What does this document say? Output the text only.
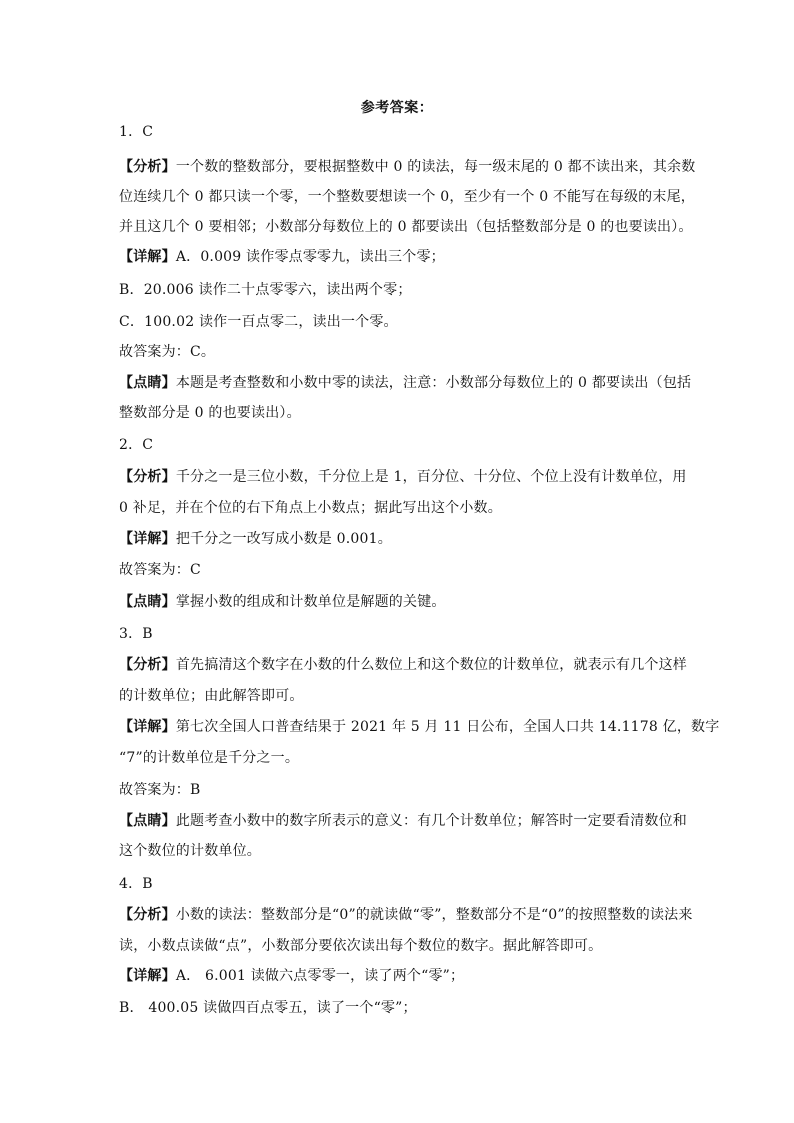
参考答案：
1．C
【分析】一个数的整数部分，要根据整数中 0 的读法，每一级末尾的 0 都不读出来，其余数
位连续几个 0 都只读一个零，一个整数要想读一个 0，至少有一个 0 不能写在每级的末尾，
并且这几个 0 要相邻；小数部分每数位上的 0 都要读出（包括整数部分是 0 的也要读出）。
【详解】A．0.009 读作零点零零九，读出三个零；
B．20.006 读作二十点零零六，读出两个零；
C．100.02 读作一百点零二，读出一个零。
故答案为：C。
【点睛】本题是考查整数和小数中零的读法，注意：小数部分每数位上的 0 都要读出（包括
整数部分是 0 的也要读出）。
2．C
【分析】千分之一是三位小数，千分位上是 1，百分位、十分位、个位上没有计数单位，用
0 补足，并在个位的右下角点上小数点；据此写出这个小数。
【详解】把千分之一改写成小数是 0.001。
故答案为：C
【点睛】掌握小数的组成和计数单位是解题的关键。
3．B
【分析】首先搞清这个数字在小数的什么数位上和这个数位的计数单位，就表示有几个这样
的计数单位；由此解答即可。
【详解】第七次全国人口普查结果于 2021 年 5 月 11 日公布，全国人口共 14.1178 亿，数字
“7”的计数单位是千分之一。
故答案为：B
【点睛】此题考查小数中的数字所表示的意义：有几个计数单位；解答时一定要看清数位和
这个数位的计数单位。
4．B
【分析】小数的读法：整数部分是“0”的就读做“零”，整数部分不是“0”的按照整数的读法来
读，小数点读做“点”，小数部分要依次读出每个数位的数字。据此解答即可。
【详解】A． 6.001 读做六点零零一，读了两个“零”；
B． 400.05 读做四百点零五，读了一个“零”；
